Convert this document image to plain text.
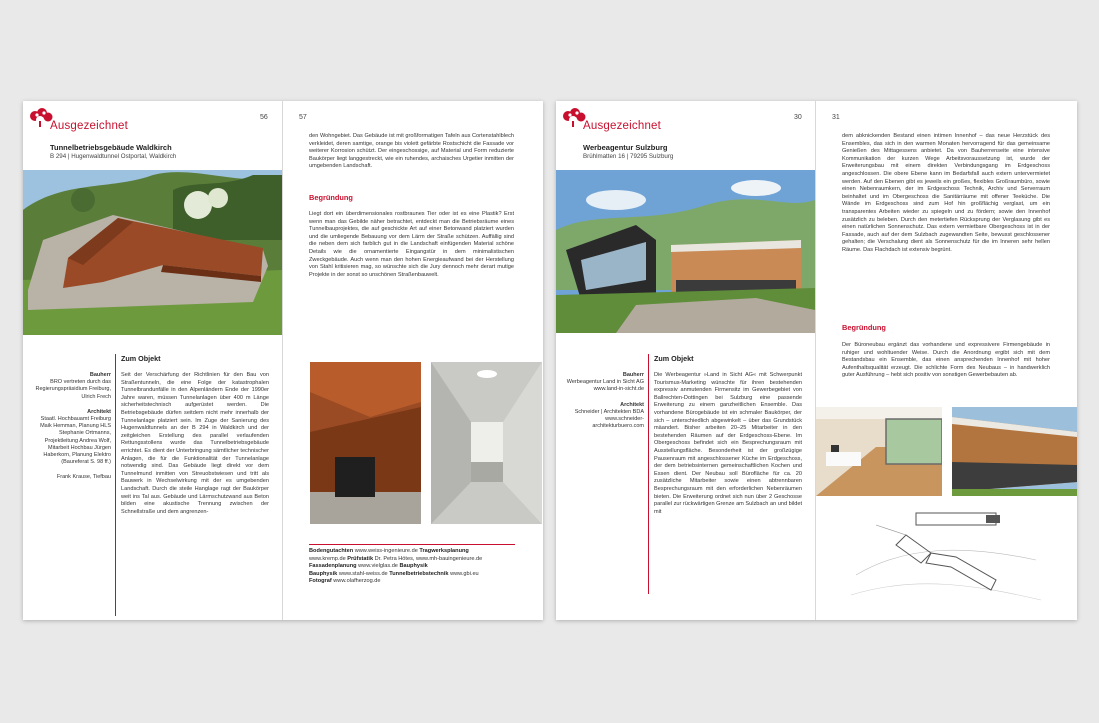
Ausgezeichnet
56	57
Tunnelbetriebsgebäude Waldkirch
B 294 | Hugenwaldtunnel Ostportal, Waldkirch
Bauherr
BRO vertreten durch das Regierungspräsidium Freiburg, Ulrich Frech
Architekt
Staatl. Hochbauamt Freiburg Maik Hemman, Planung HLS Stephanie Ortmanns, Projektleitung Andrea Wolf, Mitarbeit Hochbau Jürgen Haberkorn, Planung Elektro (Baureferat S. 98 ff.)
Frank Krause, Tiefbau
Zum Objekt
Seit der Verschärfung der Richtlinien für den Bau von Straßentunneln, die eine Folge der katastrophalen Tunnelbrandunfälle in den Alpenländern Ende der 1990er Jahre waren, müssen Tunnelanlagen über 400 m Länge sicherheitstechnisch aufgerüstet werden. Die Betriebsgebäude dürfen seitdem nicht mehr innerhalb der Tunnelanlage platziert sein. Im Zuge der Sanierung des Hugenwaldtunnels an der B 294 in Waldkirch und der zeitgleichen Erstellung des parallel verlaufenden Rettungsstollens wurde das Tunnelbetriebsgebäude errichtet. Es dient der Unterbringung sämtlicher technischer Anlagen, die für die Funktionalität der Tunnelanlage notwendig sind. Das Gebäude liegt direkt vor dem Tunnelmund inmitten von Streuobstwiesen und tritt als Bauwerk in Wechselwirkung mit der es umgebenden Landschaft. Durch die steile Hanglage ragt der Baukörper weit ins Tal aus. Gebäude und Lärmschutzwand aus Beton bilden eine akustische Trennung zwischen der Schnellstraße und dem angrenzen-
den Wohngebiet. Das Gebäude ist mit großformatigen Tafeln aus Cortenstahlblech verkleidet, deren samtige, orange bis violett gefärbte Rostschicht die Fassade vor weiterer Korrosion schützt. Der eingeschossige, auf Material und Form reduzierte Baukörper liegt langgestreckt, wie ein ruhendes, archaisches Urgetier inmitten der umgebenden Landschaft.
Begründung
Liegt dort ein überdimensionales rostbraunes Tier oder ist es eine Plastik? Erst wenn man das Gebilde näher betrachtet, entdeckt man die Betriebsräume eines Tunnelbauprojektes, die auf geschickte Art auf einer Betonwand platziert wurden und die umliegende Bebauung vor dem Lärm der Straße schützen. Auffällig sind die neben dem sich farblich gut in die Landschaft einfügenden Material schöne Details wie die ornamentierte Eingangstür in dem minimalistischen Zweckgebäude. Auch wenn man den hohen Energieaufwand bei der Herstellung von Stahl kritisieren mag, so wünschte sich die Jury dennoch mehr derart mutige Projekte in der sonst so unschönen Straßenbauwelt.
Bodengutachten www.weiss-ingenieure.de Tragwerksplanung
www.kremp.de Prüfstatik Dr. Petra Hötes, www.mh-bauingenieure.de
Fassadenplanung www.vielglas.de Bauphysik
Bauphysik www.stahl-weiss.de Tunnelbetriebstechnik www.gbi.eu
Fotograf www.olafherzog.de
Ausgezeichnet
30	31
Werbeagentur Sulzburg
Brühlmatten 16 | 79295 Sulzburg
Bauherr
Werbeagentur Land in Sicht AG www.land-in-sicht.de
Architekt
Schneider | Architekten BDA www.schneider-architekturbuero.com
Zum Objekt
Die Werbeagentur »Land in Sicht AG« mit Schwerpunkt Tourismus-Marketing wünschte für ihren bestehenden expressiv anmutenden Firmensitz im Gewerbegebiet von Ballrechten-Dottingen bei Sulzburg eine passende Erweiterung zu einem ganzheitlichen Ensemble. Das vorhandene Bürogebäude ist ein schmaler Baukörper, der sich – unterschiedlich abgewinkelt – über das Grundstück mäandert. Bisher arbeiten 20–25 Mitarbeiter in den bestehenden Räumen auf der Erdgeschoss-Ebene. Im Obergeschoss befindet sich ein Besprechungsraum mit Ausstellungsfläche. Besonderheit ist der großzügige Pausenraum mit angeschlossener Küche im Erdgeschoss, der dem betriebsinternen gemeinschaftlichen Kochen und Essen dient. Der Neubau soll Bürofläche für ca. 20 zusätzliche Mitarbeiter sowie einen abtrennbaren Besprechungsraum mit den erforderlichen Nebenräumen bieten. Die Erweiterung ordnet sich nun über 2 Geschosse parallel zur rückwärtigen Grenze am Sulzbach an und bildet mit
dem abknickenden Bestand einen intimen Innenhof – das neue Herzstück des Ensembles, das sich in den warmen Monaten hervorragend für das gemeinsame Genießen des Mittagessens anbietet. Da von Bauherrenseite eine intensive Kommunikation der kurzen Wege Arbeitsvoraussetzung ist, wurde der Erweiterungsbau mit einem direkten Verbindungsgang im Erdgeschoss angeschlossen. Die obere Ebene kann im Bedarfsfall auch extern untervermietet werden. Auf den Ebenen gibt es jeweils ein großes, flexibles Großraumbüro, sowie einen Nebenraumkern, der im Erdgeschoss Technik, Archiv und Serverraum beinhaltet und im Obergeschoss die Sanitärräume mit offener Teeküche. Die Wände im Erdgeschoss sind zum Hof hin großflächig verglast, um ein transparentes Arbeiten wieder zu spiegeln und zu fördern; sowie den Innenhof zusätzlich zu beleben. Durch den metertiefen Rücksprung der Verglasung gibt es einen natürlichen Sonnenschutz. Das extern vermietbare Obergeschoss ist in der Fassade, auch auf der dem Sulzbach zugewandten Seite, bewusst geschlossener gehalten; die Verschalung dient als Sonnenschutz für die im Inneren sehr hellen Räume. Das Flachdach ist extensiv begrünt.
Begründung
Der Büroneubau ergänzt das vorhandene und expressivere Firmengebäude in ruhiger und wohltuender Weise. Durch die Anordnung ergibt sich mit dem Bestandsbau ein Ensemble, das einen ansprechenden Innenhof mit hoher Aufenthaltsqualität erzeugt. Die schlichte Form des Neubaus – in handwerklich guter Ausführung – hebt sich positiv von sonstigen Gewerbebauten ab.
